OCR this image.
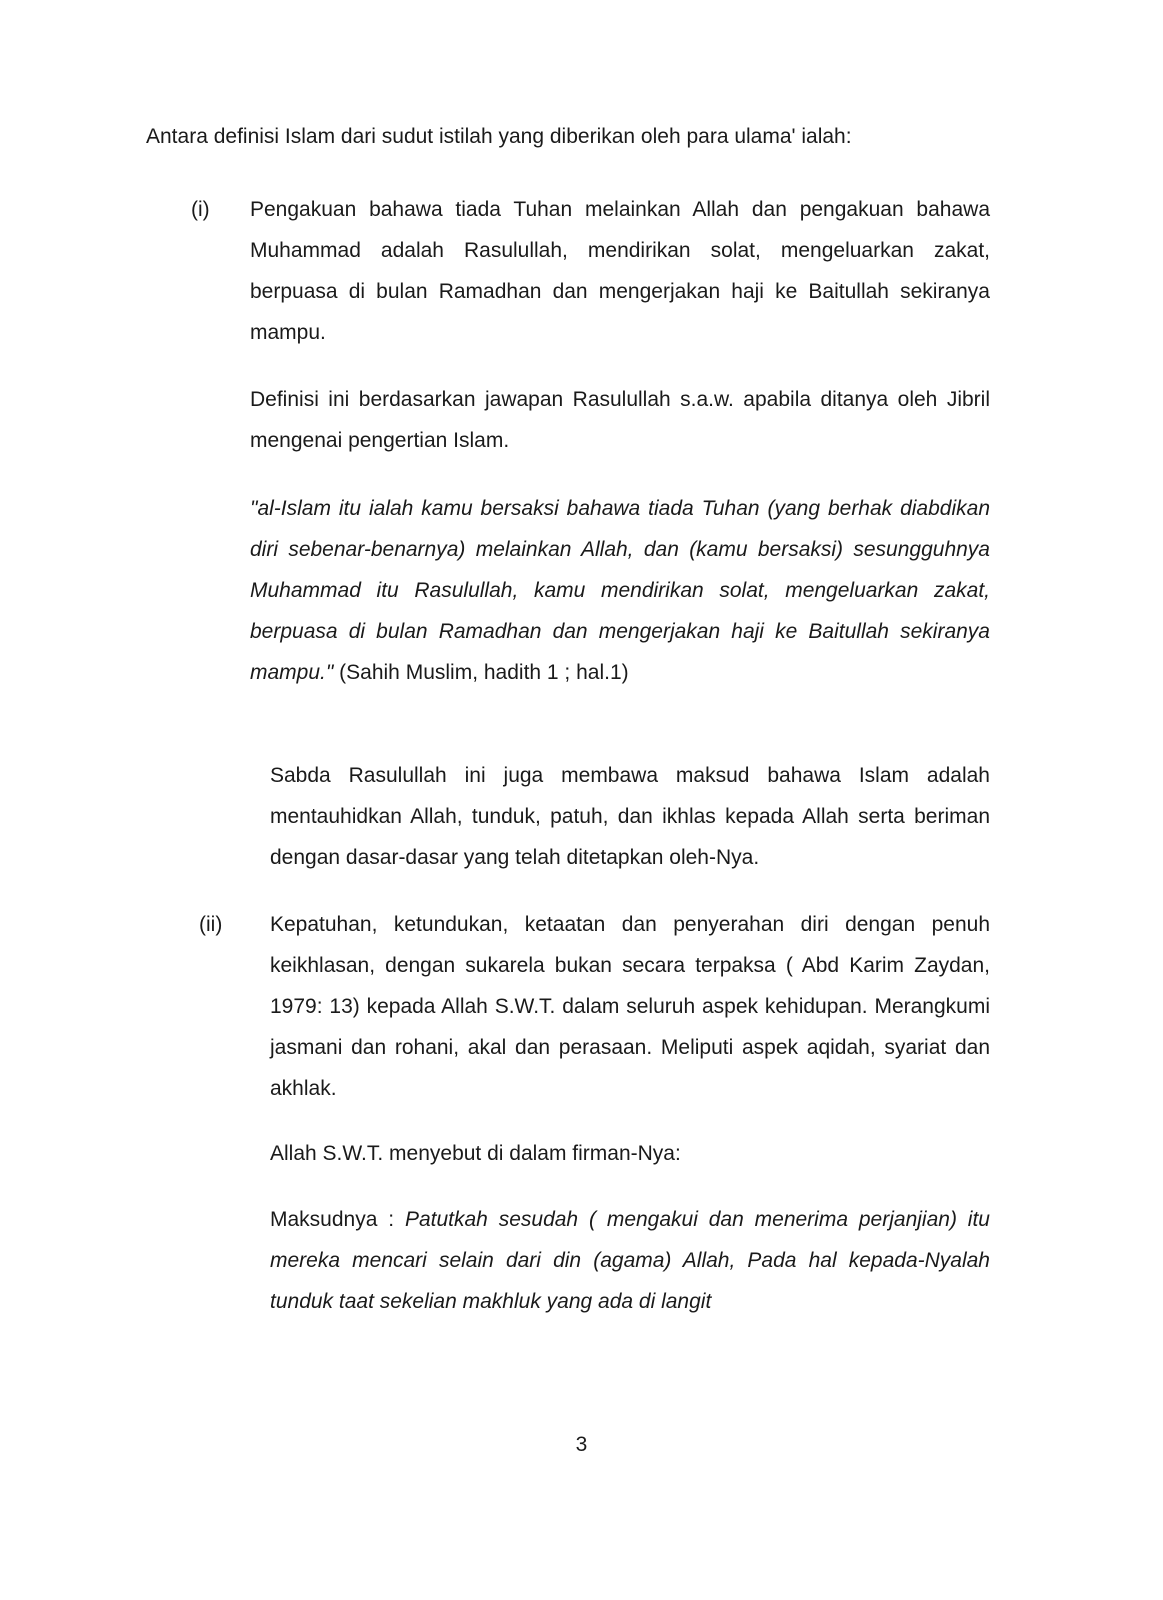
Antara definisi Islam dari sudut istilah yang diberikan oleh para ulama' ialah:

(i) Pengakuan bahawa tiada Tuhan melainkan Allah dan pengakuan bahawa Muhammad adalah Rasulullah, mendirikan solat, mengeluarkan zakat, berpuasa di bulan Ramadhan dan mengerjakan haji ke Baitullah sekiranya mampu.

Definisi ini berdasarkan jawapan Rasulullah s.a.w. apabila ditanya oleh Jibril mengenai pengertian Islam.

"al-Islam itu ialah kamu bersaksi bahawa tiada Tuhan (yang berhak diabdikan diri sebenar-benarnya) melainkan Allah, dan (kamu bersaksi) sesungguhnya Muhammad itu Rasulullah, kamu mendirikan solat, mengeluarkan zakat, berpuasa di bulan Ramadhan dan mengerjakan haji ke Baitullah sekiranya mampu." (Sahih Muslim, hadith 1 ; hal.1)

Sabda Rasulullah ini juga membawa maksud bahawa Islam adalah mentauhidkan Allah, tunduk, patuh, dan ikhlas kepada Allah serta beriman dengan dasar-dasar yang telah ditetapkan oleh-Nya.

(ii) Kepatuhan, ketundukan, ketaatan dan penyerahan diri dengan penuh keikhlasan, dengan sukarela bukan secara terpaksa ( Abd Karim Zaydan, 1979: 13) kepada Allah S.W.T. dalam seluruh aspek kehidupan. Merangkumi jasmani dan rohani, akal dan perasaan. Meliputi aspek aqidah, syariat dan akhlak.

Allah S.W.T. menyebut di dalam firman-Nya:

Maksudnya : Patutkah sesudah ( mengakui dan menerima perjanjian) itu mereka mencari selain dari din (agama) Allah, Pada hal kepada-Nyalah tunduk taat sekelian makhluk yang ada di langit

3
